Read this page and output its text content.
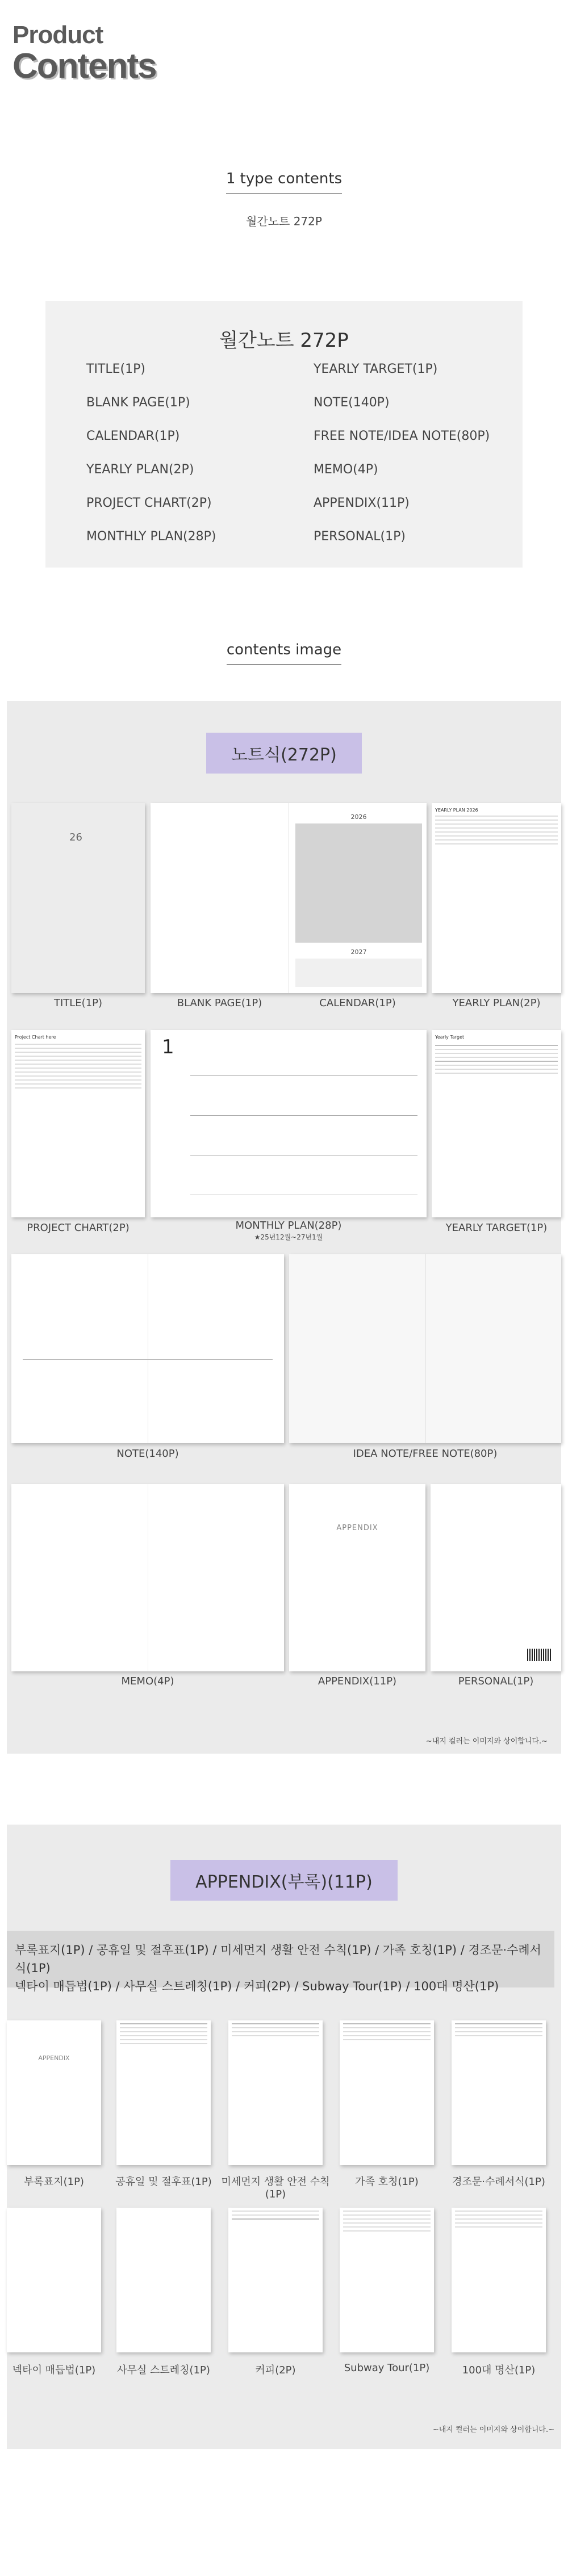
Product
Contents
1 type contents
월간노트 272P
월간노트 272P
TITLE(1P)	YEARLY TARGET(1P)
BLANK PAGE(1P)	NOTE(140P)
CALENDAR(1P)	FREE NOTE/IDEA NOTE(80P)
YEARLY PLAN(2P)	MEMO(4P)
PROJECT CHART(2P)	APPENDIX(11P)
MONTHLY PLAN(28P)	PERSONAL(1P)
contents image
노트식(272P)
26
TITLE(1P)
2026
2027
BLANK PAGE(1P)	CALENDAR(1P)
YEARLY PLAN 2026
YEARLY PLAN(2P)
Project Chart here
PROJECT CHART(2P)
1
MONTHLY PLAN(28P)
★25년12월~27년1월
Yearly Target
YEARLY TARGET(1P)
NOTE(140P)	IDEA NOTE/FREE NOTE(80P)
MEMO(4P)
APPENDIX
APPENDIX(11P)	PERSONAL(1P)
~내지 컬러는 이미지와 상이합니다.~
APPENDIX(부록)(11P)
부록표지(1P) / 공휴일 및 절후표(1P) / 미세먼지 생활 안전 수칙(1P) / 가족 호칭(1P) / 경조문·수례서식(1P)
넥타이 매듭법(1P) / 사무실 스트레칭(1P) / 커피(2P) / Subway Tour(1P) / 100대 명산(1P)
APPENDIX
부록표지(1P)	공휴일 및 절후표(1P) 미세먼지 생활 안전 수칙(1P)
가족 호칭(1P)	경조문·수례서식(1P)
넥타이 매듭법(1P)	사무실 스트레칭(1P)	커피(2P)	Subway Tour(1P)	100대 명산(1P)
~내지 컬러는 이미지와 상이합니다.~
